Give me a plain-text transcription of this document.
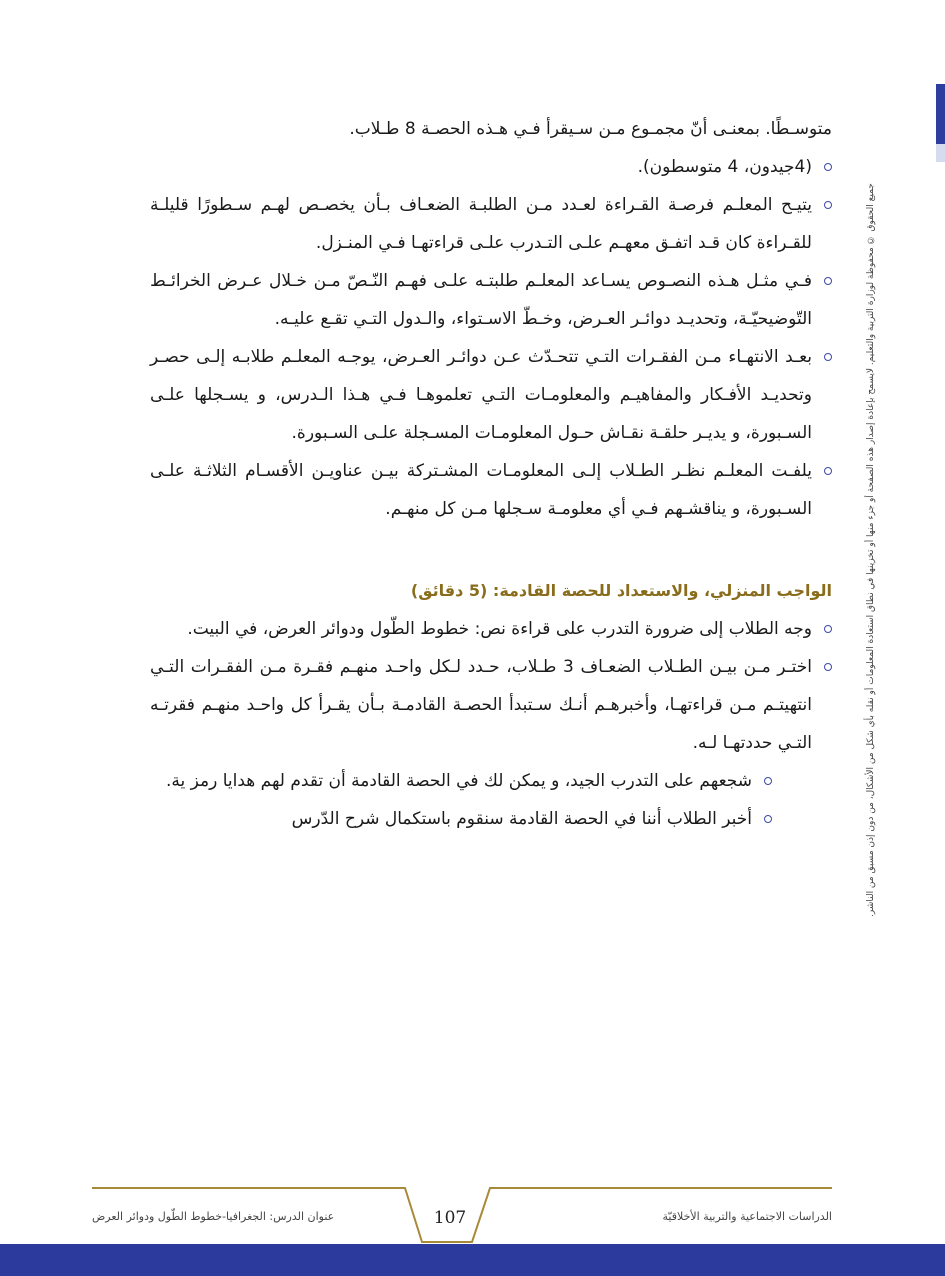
جميع الحقوق © محفوظة لوزارة التربية والتعليم. لايسمح بإعادة إصدار هذه الصفحة أو جزء منها أو تخزينها في نطاق استعادة المعلومات أو نقله بأي شكل من الأشكال، من دون إذن مسبق من الناشر.

متوسـطًا. بمعنـى أنّ مجمـوع مـن سـيقرأ فـي هـذه الحصـة 8 طـلاب.

(4جيدون، 4 متوسطون).
يتيـح المعلـم فرصـة القـراءة لعـدد مـن الطلبـة الضعـاف بـأن يخصـص لهـم سـطورًا قليلـة للقـراءة كان قـد اتفـق معهـم علـى التـدرب علـى قراءتهـا فـي المنـزل.
فـي مثـل هـذه النصـوص يسـاعد المعلـم طلبتـه علـى فهـم النّـصّ مـن خـلال عـرض الخرائـط التّوضيحيّـة، وتحديـد دوائـر العـرض، وخـطّ الاسـتواء، والـدول التـي تقـع عليـه.
بعـد الانتهـاء مـن الفقـرات التـي تتحـدّث عـن دوائـر العـرض، يوجـه المعلـم طلابـه إلـى حصـر وتحديـد الأفـكار والمفاهيـم والمعلومـات التـي تعلموهـا فـي هـذا الـدرس، و يسـجلها علـى السـبورة، و يديـر حلقـة نقـاش حـول المعلومـات المسـجلة علـى السـبورة.
يلفـت المعلـم نظـر الطـلاب إلـى المعلومـات المشـتركة بيـن عناويـن الأقسـام الثلاثـة علـى السـبورة، و يناقشـهم فـي أي معلومـة سـجلها مـن كل منهـم.
الواجب المنزلي، والاستعداد للحصة القادمة: (5 دقائق)
وجه الطلاب إلى ضرورة التدرب على قراءة نص: خطوط الطّول ودوائر العرض، في البيت.
اختـر مـن بيـن الطـلاب الضعـاف 3 طـلاب، حـدد لـكل واحـد منهـم فقـرة مـن الفقـرات التـي انتهيتـم مـن قراءتهـا، وأخبرهـم أنـك سـتبدأ الحصـة القادمـة بـأن يقـرأ كل واحـد منهـم فقرتـه التـي حددتهـا لـه.
شجعهم على التدرب الجيد، و يمكن لك في الحصة القادمة أن تقدم لهم هدايا رمز ية.
أخبر الطلاب أننا في الحصة القادمة سنقوم باستكمال شرح الدّرس
عنوان الدرس: الجغرافيا-خطوط الطّول ودوائر العرض	107	الدراسات الاجتماعية والتربية الأخلاقيّة
